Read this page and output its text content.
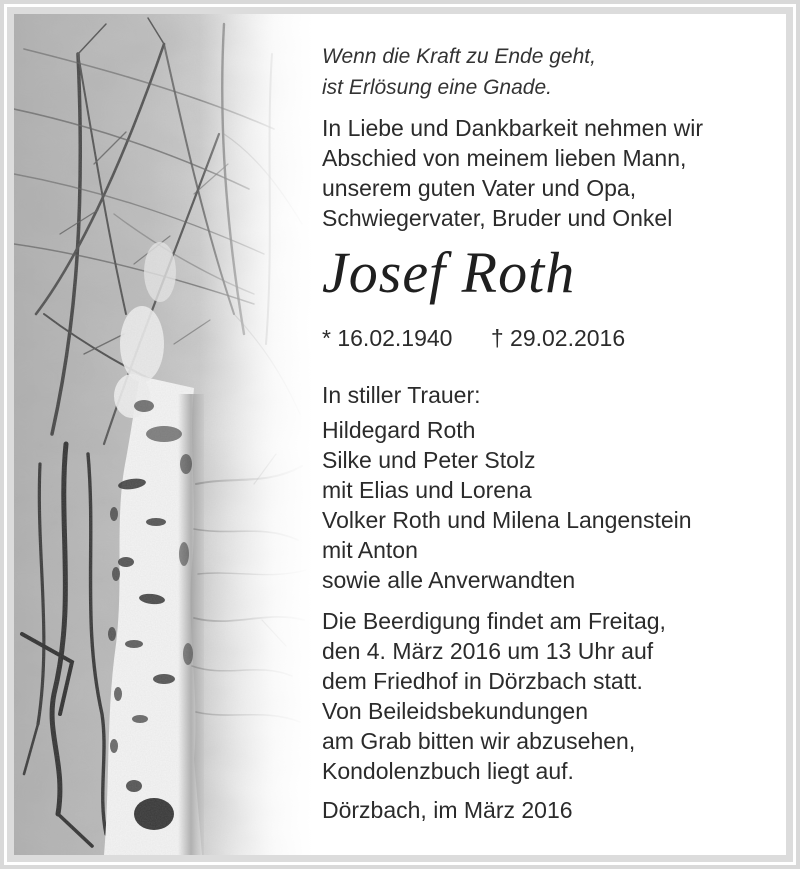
Wenn die Kraft zu Ende geht,
ist Erlösung eine Gnade.
In Liebe und Dankbarkeit nehmen wir
Abschied von meinem lieben Mann,
unserem guten Vater und Opa,
Schwiegervater, Bruder und Onkel
Josef Roth
* 16.02.1940 † 29.02.2016
In stiller Trauer:
Hildegard Roth
Silke und Peter Stolz
mit Elias und Lorena
Volker Roth und Milena Langenstein
mit Anton
sowie alle Anverwandten
Die Beerdigung findet am Freitag,
den 4. März 2016 um 13 Uhr auf
dem Friedhof in Dörzbach statt.
Von Beileidsbekundungen
am Grab bitten wir abzusehen,
Kondolenzbuch liegt auf.
Dörzbach, im März 2016
